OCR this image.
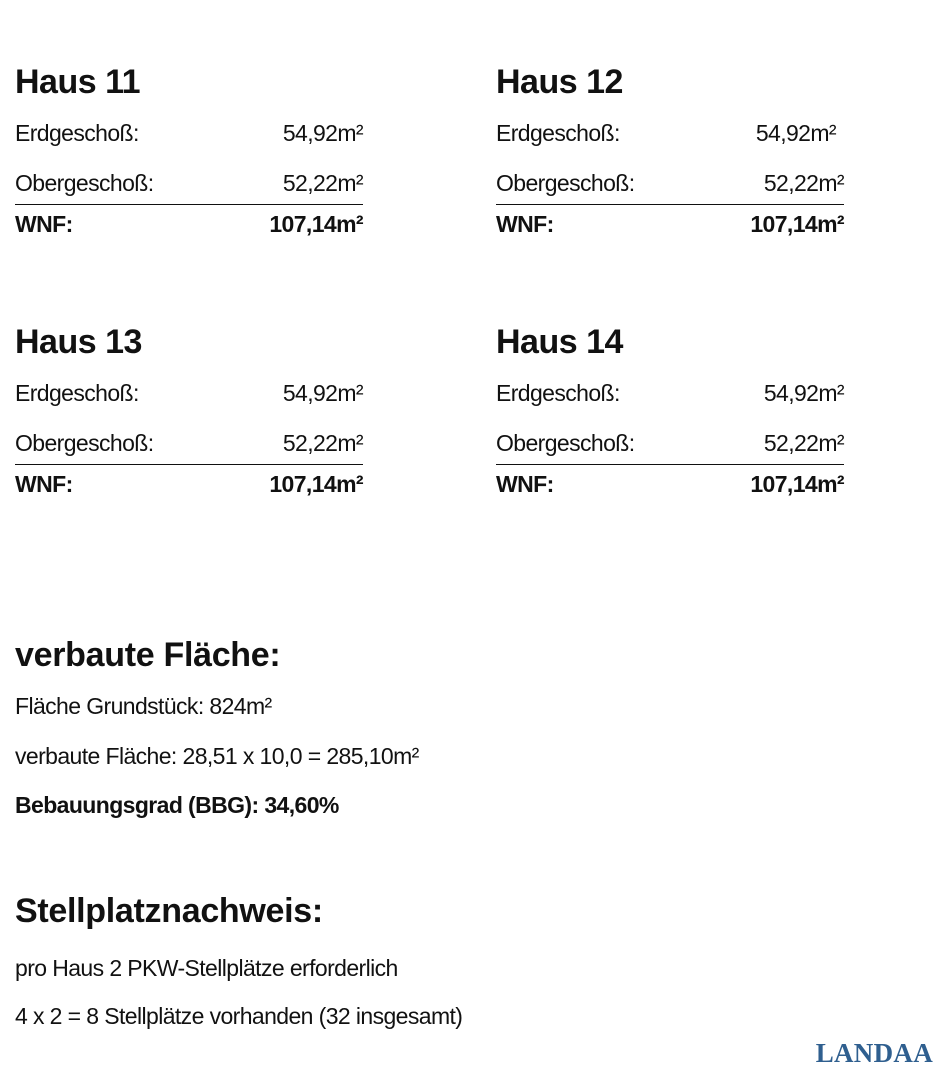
Haus 11
Erdgeschoß:	54,92m²
Obergeschoß:	52,22m²
WNF:	107,14m²
Haus 12
Erdgeschoß:	54,92m²
Obergeschoß:	52,22m²
WNF:	107,14m²
Haus 13
Erdgeschoß:	54,92m²
Obergeschoß:	52,22m²
WNF:	107,14m²
Haus 14
Erdgeschoß:	54,92m²
Obergeschoß:	52,22m²
WNF:	107,14m²
verbaute Fläche:
Fläche Grundstück: 824m²
verbaute Fläche: 28,51 x 10,0 = 285,10m²
Bebauungsgrad (BBG): 34,60%
Stellplatznachweis:
pro Haus 2 PKW-Stellplätze erforderlich
4 x 2 = 8 Stellplätze vorhanden (32 insgesamt)
LANDAA
